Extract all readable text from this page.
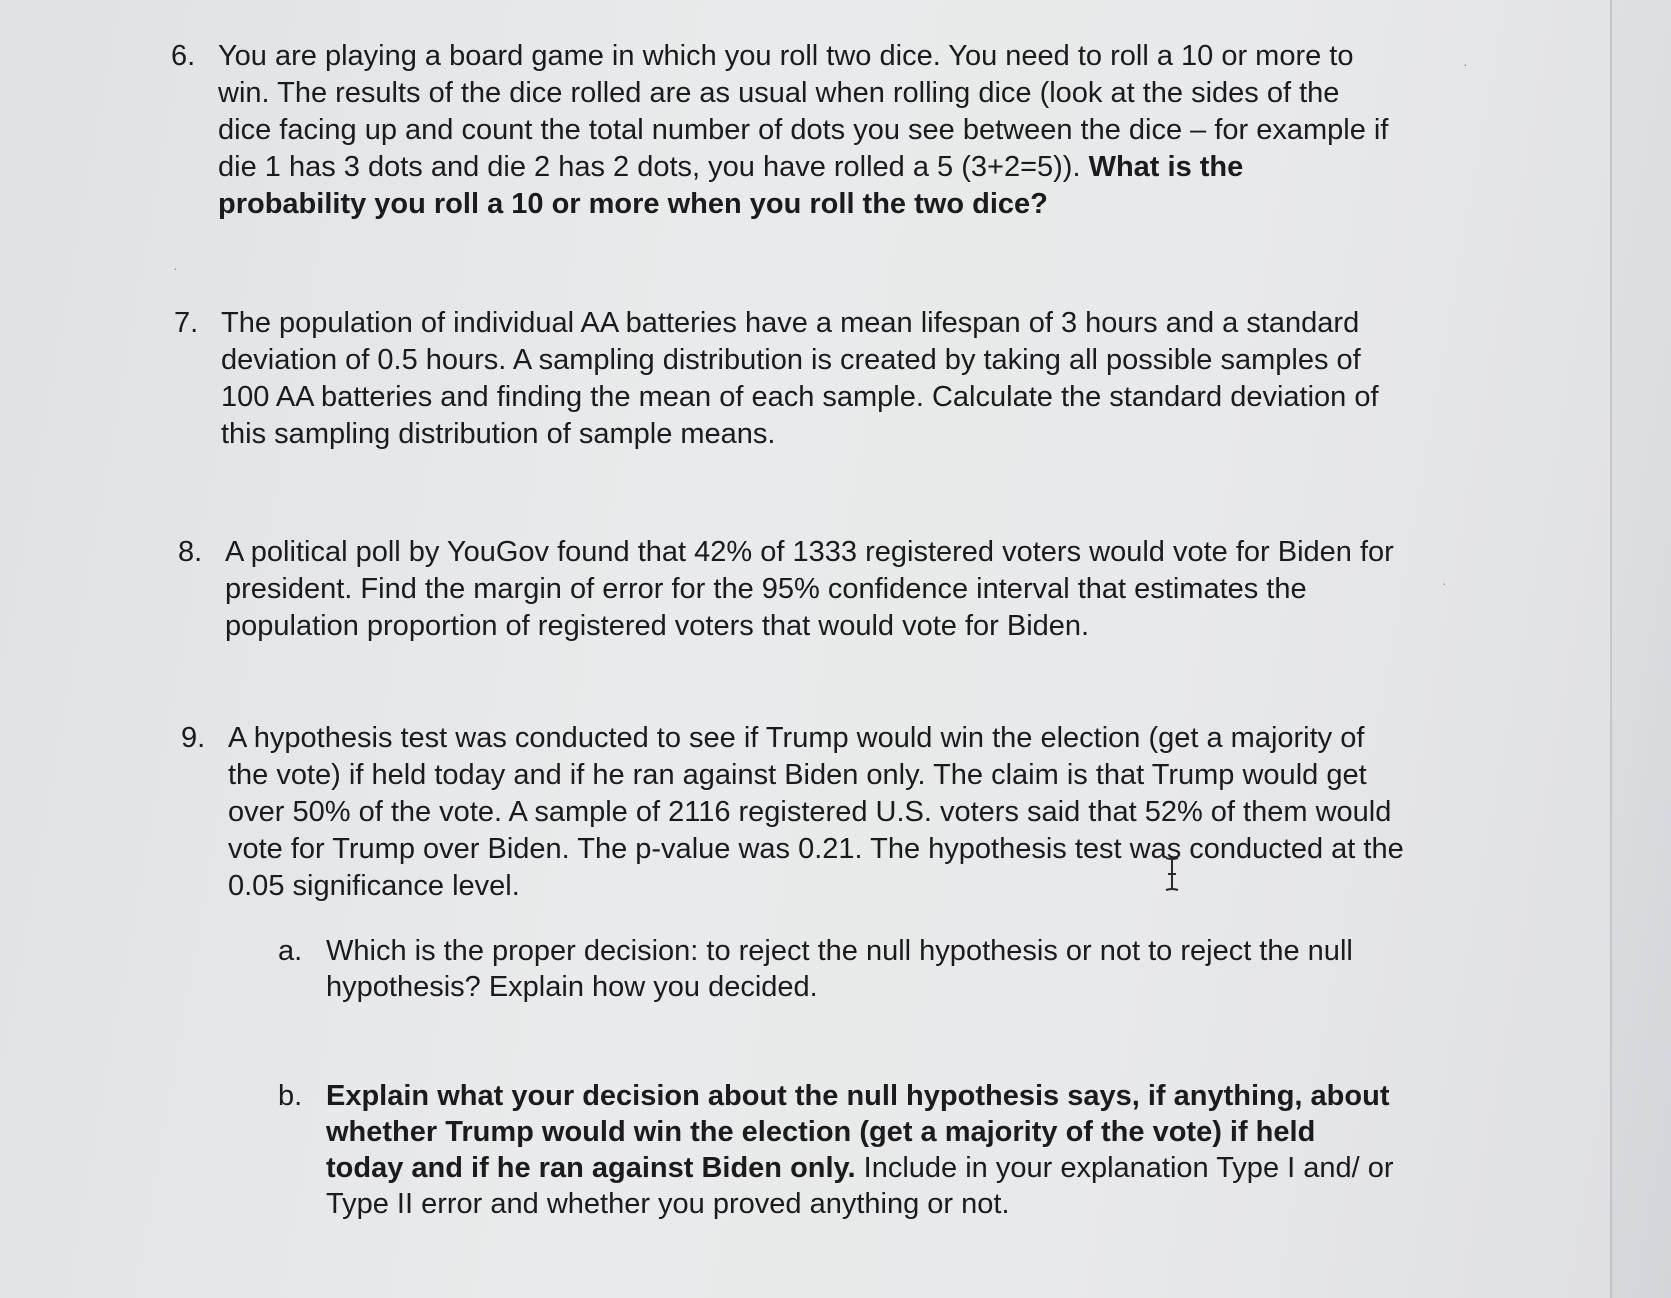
6. You are playing a board game in which you roll two dice. You need to roll a 10 or more to win. The results of the dice rolled are as usual when rolling dice (look at the sides of the dice facing up and count the total number of dots you see between the dice – for example if die 1 has 3 dots and die 2 has 2 dots, you have rolled a 5 (3+2=5)). What is the probability you roll a 10 or more when you roll the two dice?
7. The population of individual AA batteries have a mean lifespan of 3 hours and a standard deviation of 0.5 hours. A sampling distribution is created by taking all possible samples of 100 AA batteries and finding the mean of each sample. Calculate the standard deviation of this sampling distribution of sample means.
8. A political poll by YouGov found that 42% of 1333 registered voters would vote for Biden for president. Find the margin of error for the 95% confidence interval that estimates the population proportion of registered voters that would vote for Biden.
9. A hypothesis test was conducted to see if Trump would win the election (get a majority of the vote) if held today and if he ran against Biden only. The claim is that Trump would get over 50% of the vote. A sample of 2116 registered U.S. voters said that 52% of them would vote for Trump over Biden. The p-value was 0.21. The hypothesis test was conducted at the 0.05 significance level.
a. Which is the proper decision: to reject the null hypothesis or not to reject the null hypothesis? Explain how you decided.
b. Explain what your decision about the null hypothesis says, if anything, about whether Trump would win the election (get a majority of the vote) if held today and if he ran against Biden only. Include in your explanation Type I and/ or Type II error and whether you proved anything or not.
·
·
·
